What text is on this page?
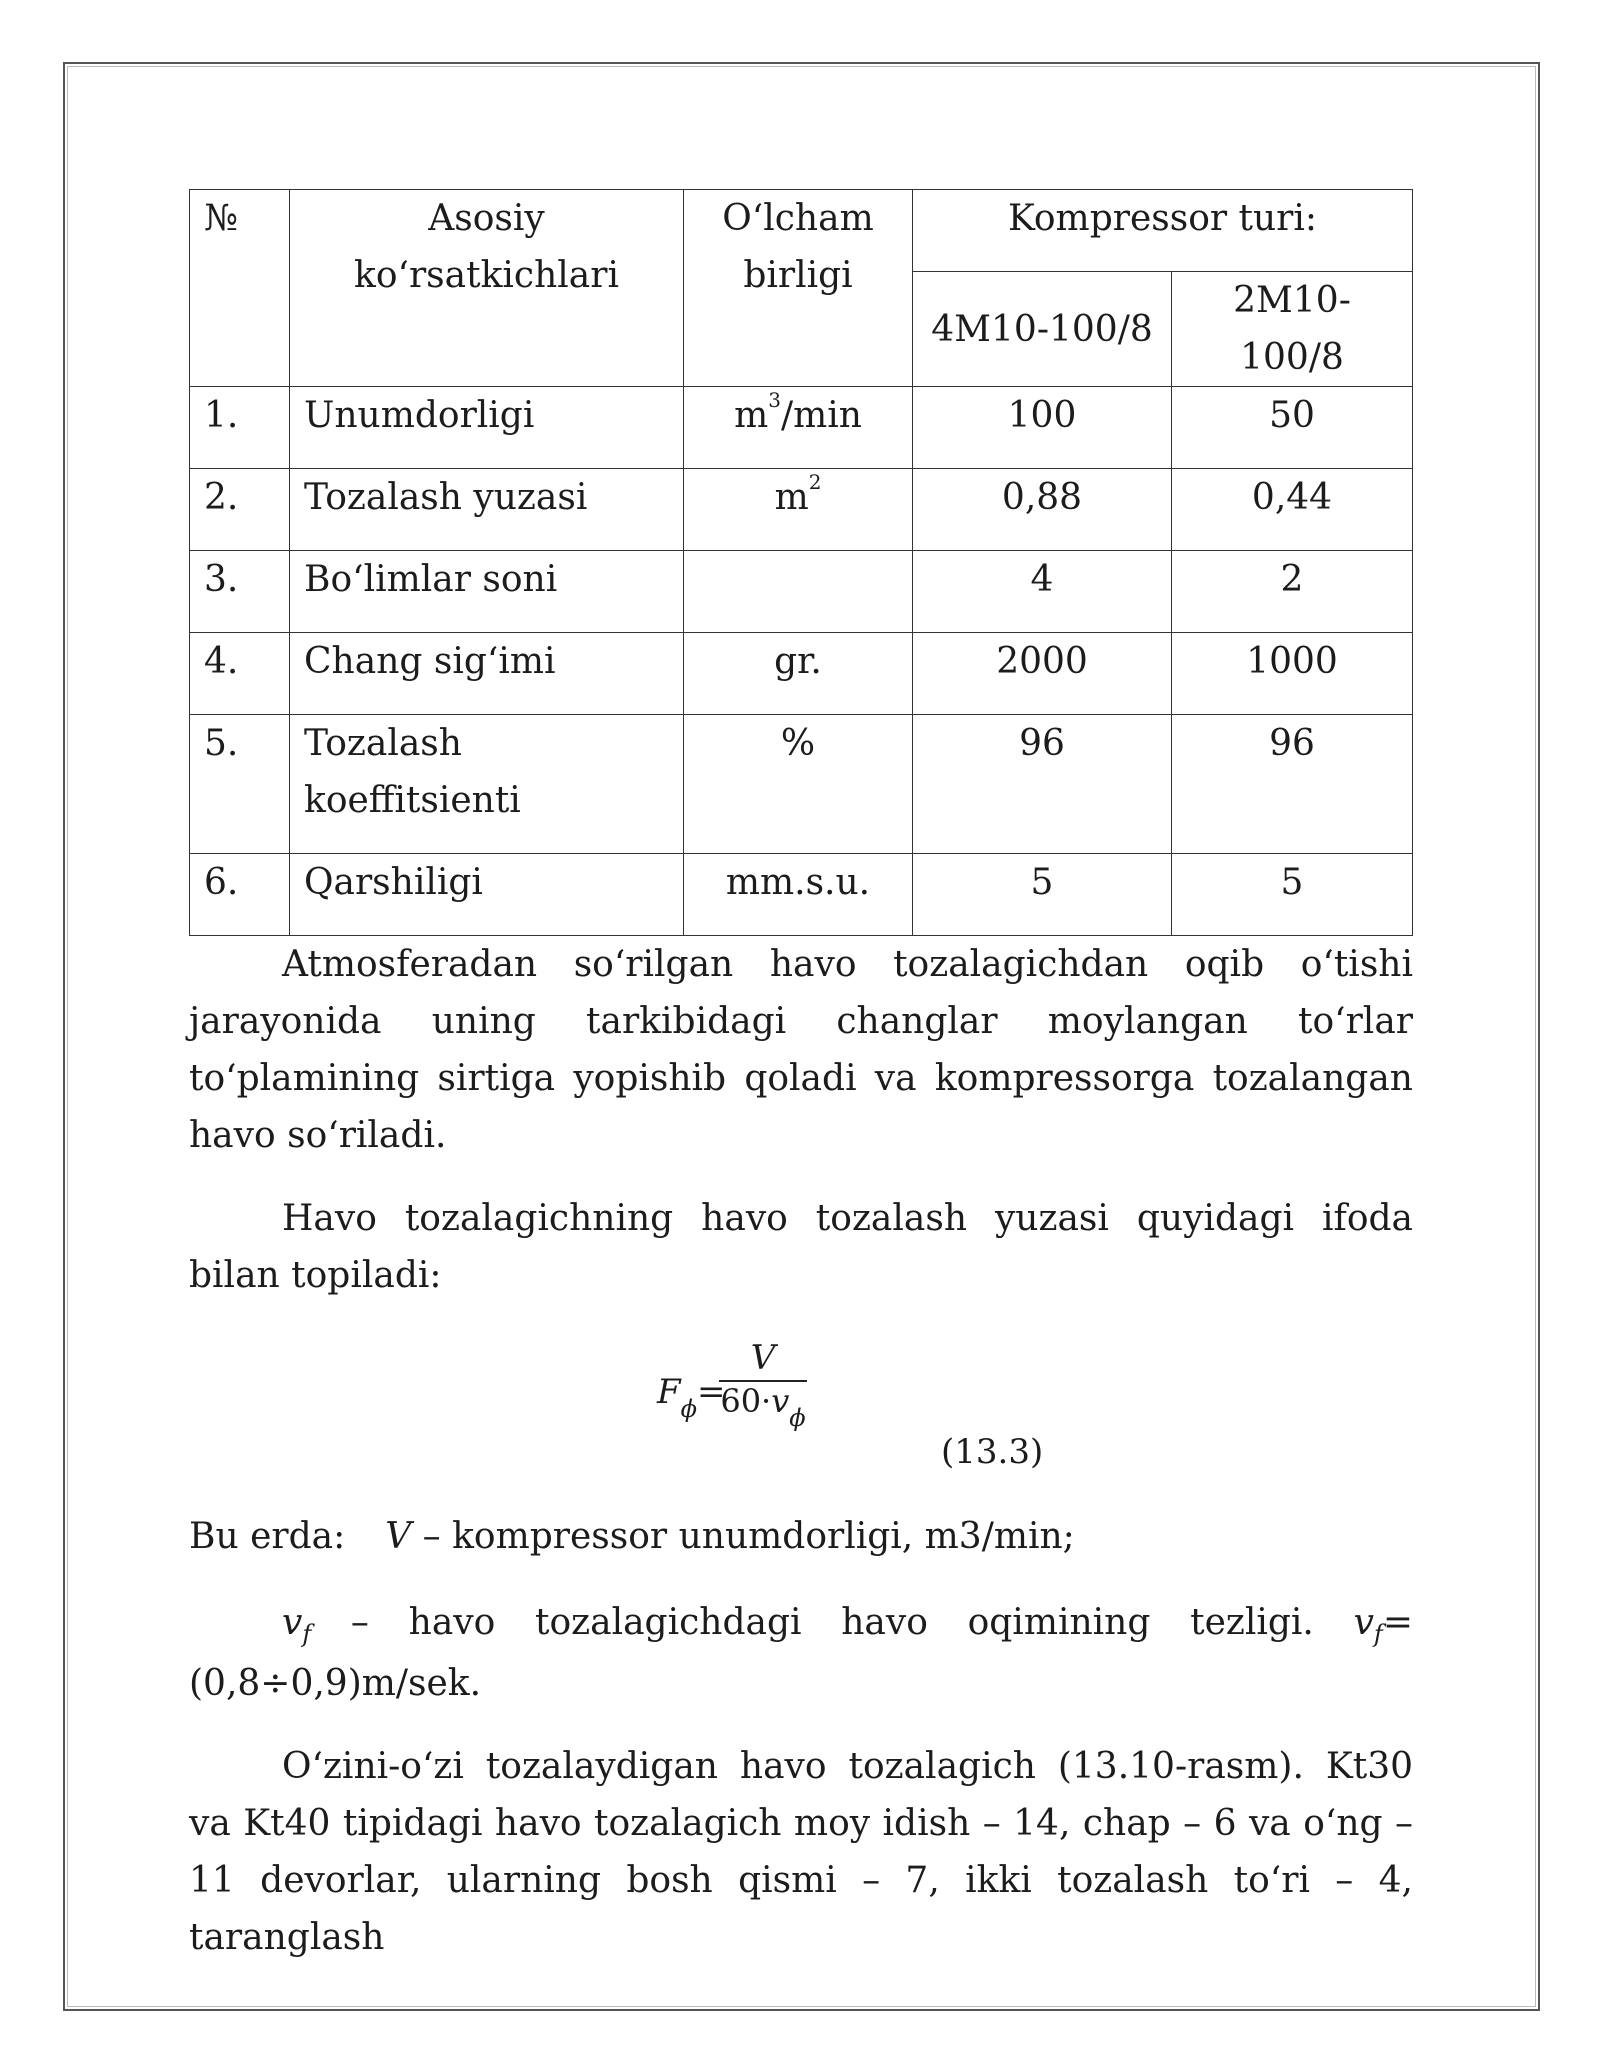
№	Asosiy ko‘rsatkichlari	O‘lcham birligi	Kompressor turi:	
			4M10-100/8	2M10-100/8
1.	Unumdorligi	$m^3/\min$	100	50
2.	Tozalash yuzasi	$m^2$	0,88	0,44
3.	Bo‘limlar soni		4	2
4.	Chang sig‘imi	gr.	2000	1000
5.	Tozalash koeffitsienti	%	96	96
6.	Qarshiligi	mm.s.u.	5	5

Atmosferadan so‘rilgan havo tozalagichdan oqib o‘tishi jarayonida uning tarkibidagi changlar moylangan to‘rlar to‘plamining sirtiga yopishib qoladi va kompressorga tozalangan havo so‘riladi.

Havo tozalagichning havo tozalash yuzasi quyidagi ifoda bilan topiladi:

$F_\phi=$
V
$60\cdot v_\phi$
(13.3)

Bu erda: V – kompressor unumdorligi, m3/min;

$v_f$ – havo tozalagichdagi havo oqimining tezligi. $v_f=(0,8\div 0,9)m$/sek.

O‘zini-o‘zi tozalaydigan havo tozalagich (13.10-rasm). Kt30 va Kt40 tipidagi havo tozalagich moy idish – 14, chap – 6 va o‘ng – 11 devorlar, ularning bosh qismi – 7, ikki tozalash to‘ri – 4, taranglash
